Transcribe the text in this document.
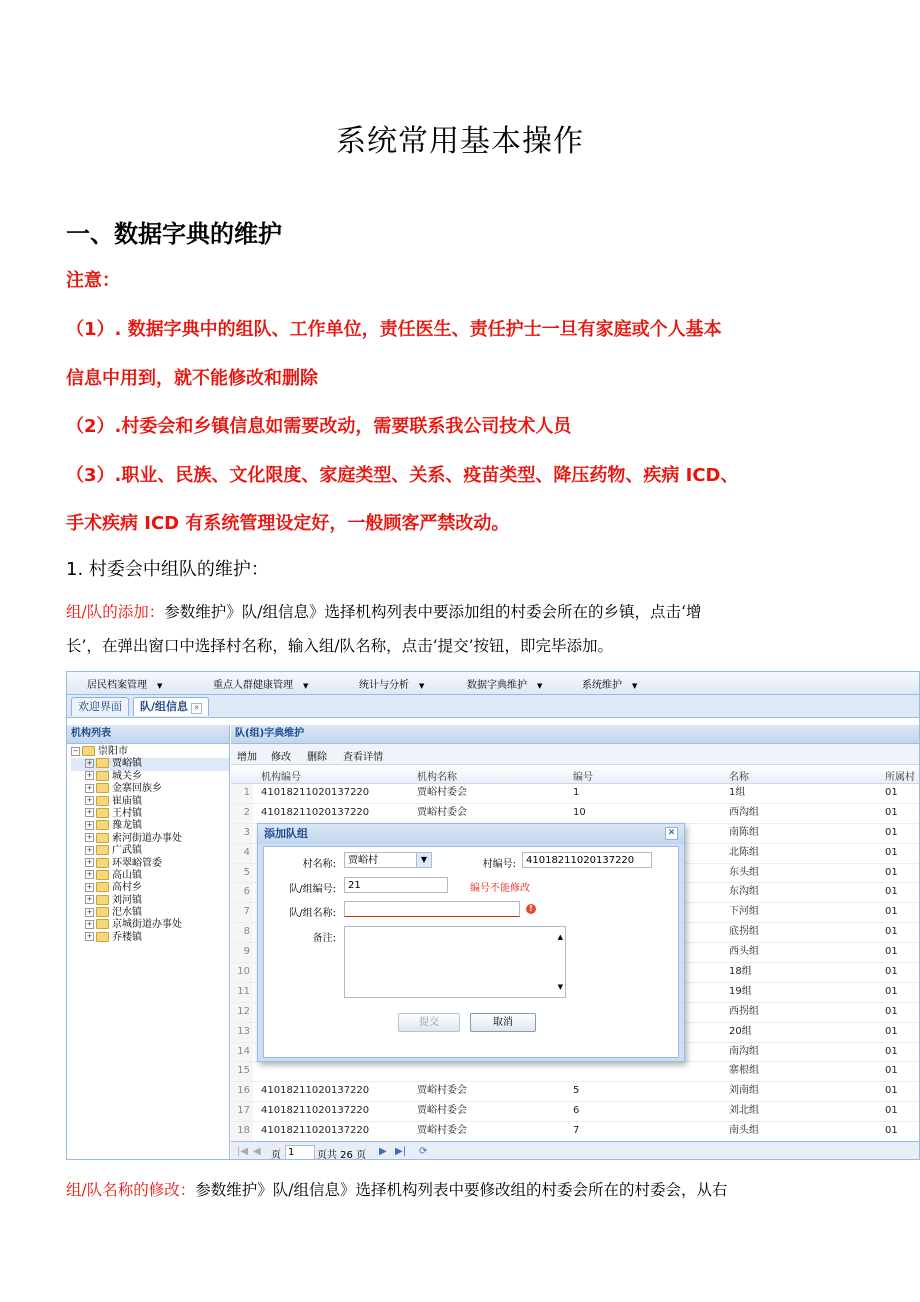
系统常用基本操作
一、数据字典的维护
注意：
（1）. 数据字典中的组队、工作单位，责任医生、责任护士一旦有家庭或个人基本
信息中用到，就不能修改和删除
（2）.村委会和乡镇信息如需要改动，需要联系我公司技术人员
（3）.职业、民族、文化限度、家庭类型、关系、疫苗类型、降压药物、疾病 ICD、
手术疾病 ICD 有系统管理设定好，一般顾客严禁改动。
1. 村委会中组队的维护：
组/队的添加：参数维护》队/组信息》选择机构列表中要添加组的村委会所在的乡镇，点击‘增
长’，在弹出窗口中选择村名称，输入组/队名称，点击‘提交’按钮，即完毕添加。
居民档案管理 ▼	重点人群健康管理 ▼	统计与分析 ▼	数据字典维护 ▼	系统维护 ▼
欢迎界面	队/组信息 ✕
机构列表
− 崇阳市
+ 贾峪镇
+ 城关乡
+ 金寨回族乡
+ 崔庙镇
+ 王村镇
+ 豫龙镇
+ 索河街道办事处
+ 广武镇
+ 环翠峪管委
+ 高山镇
+ 高村乡
+ 刘河镇
+ 汜水镇
+ 京城街道办事处
+ 乔楼镇
队(组)字典维护
增加 修改 删除 查看详情
机构编号	机构名称	编号	名称	所属村
1	41018211020137220	贾峪村委会	1	1组	01
2	41018211020137220	贾峪村委会	10	西沟组	01
3	南陈组	01
4	北陈组	01
5	东头组	01
6	东沟组	01
7	下河组	01
8	底拐组	01
9	西头组	01
10	18组	01
11	19组	01
12	西拐组	01
13	20组	01
14	南沟组	01
15	寨根组	01
16	41018211020137220	贾峪村委会	5	刘南组	01
17	41018211020137220	贾峪村委会	6	刘北组	01
18	41018211020137220	贾峪村委会	7	南头组	01
|◀ ◀ 页 1	页共 26 页 ▶ ▶| ⟳
添加队组	✕
村名称:	贾峪村	▼	村编号:	41018211020137220
队/组编号:	21	编号不能修改
队/组名称:	!
备注:	▲
▼
提交	取消
组/队名称的修改：参数维护》队/组信息》选择机构列表中要修改组的村委会所在的村委会，从右
